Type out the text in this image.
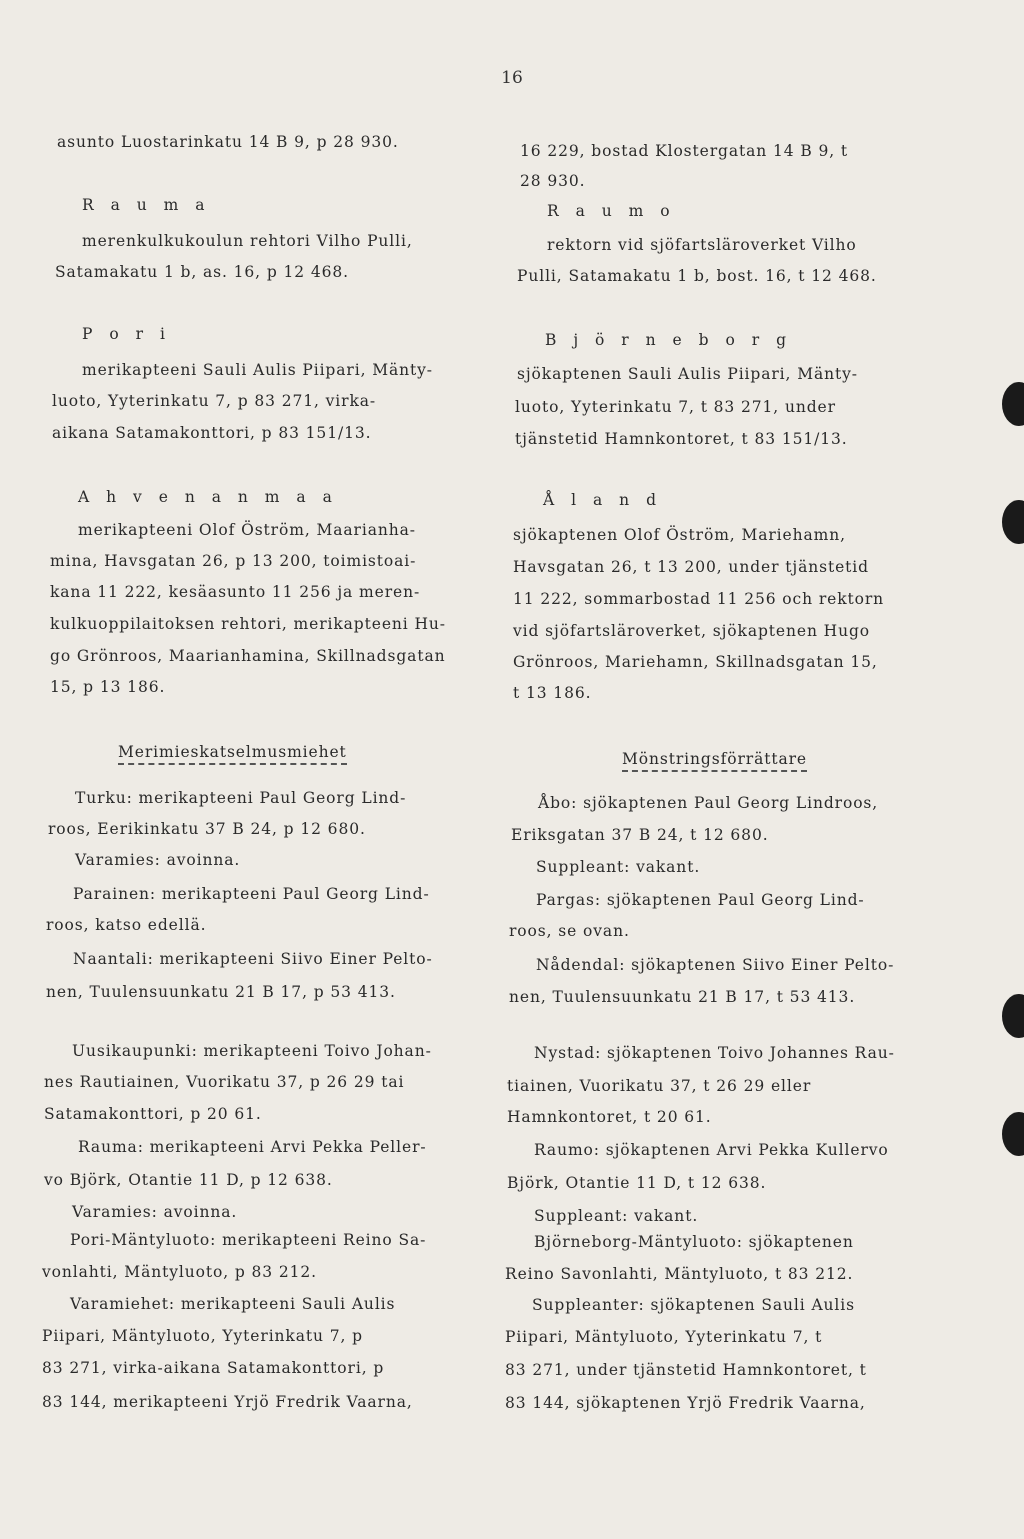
16
asunto Luostarinkatu 14 B 9, p 28 930.
R a u m a
merenkulkukoulun rehtori Vilho Pulli,
Satamakatu 1 b, as. 16, p 12 468.
P o r i
merikapteeni Sauli Aulis Piipari, Mänty-
luoto, Yyterinkatu 7, p 83 271, virka-
aikana Satamakonttori, p 83 151/13.
A h v e n a n m a a
merikapteeni Olof Öström, Maarianha-
mina, Havsgatan 26, p 13 200, toimistoai-
kana 11 222, kesäasunto 11 256 ja meren-
kulkuoppilaitoksen rehtori, merikapteeni Hu-
go Grönroos, Maarianhamina, Skillnadsgatan
15, p 13 186.
Merimieskatselmusmiehet
Turku: merikapteeni Paul Georg Lind-
roos, Eerikinkatu 37 B 24, p 12 680.
Varamies: avoinna.
Parainen: merikapteeni Paul Georg Lind-
roos, katso edellä.
Naantali: merikapteeni Siivo Einer Pelto-
nen, Tuulensuunkatu 21 B 17, p 53 413.
Uusikaupunki: merikapteeni Toivo Johan-
nes Rautiainen, Vuorikatu 37, p 26 29 tai
Satamakonttori, p 20 61.
Rauma: merikapteeni Arvi Pekka Peller-
vo Björk, Otantie 11 D, p 12 638.
Varamies: avoinna.
Pori-Mäntyluoto: merikapteeni Reino Sa-
vonlahti, Mäntyluoto, p 83 212.
Varamiehet: merikapteeni Sauli Aulis
Piipari, Mäntyluoto, Yyterinkatu 7, p
83 271, virka-aikana Satamakonttori, p
83 144, merikapteeni Yrjö Fredrik Vaarna,
16 229, bostad Klostergatan 14 B 9, t
28 930.
R a u m o
rektorn vid sjöfartsläroverket Vilho
Pulli, Satamakatu 1 b, bost. 16, t 12 468.
B j ö r n e b o r g
sjökaptenen Sauli Aulis Piipari, Mänty-
luoto, Yyterinkatu 7, t 83 271, under
tjänstetid Hamnkontoret, t 83 151/13.
Å l a n d
sjökaptenen Olof Öström, Mariehamn,
Havsgatan 26, t 13 200, under tjänstetid
11 222, sommarbostad 11 256 och rektorn
vid sjöfartsläroverket, sjökaptenen Hugo
Grönroos, Mariehamn, Skillnadsgatan 15,
t 13 186.
Mönstringsförrättare
Åbo: sjökaptenen Paul Georg Lindroos,
Eriksgatan 37 B 24, t 12 680.
Suppleant: vakant.
Pargas: sjökaptenen Paul Georg Lind-
roos, se ovan.
Nådendal: sjökaptenen Siivo Einer Pelto-
nen, Tuulensuunkatu 21 B 17, t 53 413.
Nystad: sjökaptenen Toivo Johannes Rau-
tiainen, Vuorikatu 37, t 26 29 eller
Hamnkontoret, t 20 61.
Raumo: sjökaptenen Arvi Pekka Kullervo
Björk, Otantie 11 D, t 12 638.
Suppleant: vakant.
Björneborg-Mäntyluoto: sjökaptenen
Reino Savonlahti, Mäntyluoto, t 83 212.
Suppleanter: sjökaptenen Sauli Aulis
Piipari, Mäntyluoto, Yyterinkatu 7, t
83 271, under tjänstetid Hamnkontoret, t
83 144, sjökaptenen Yrjö Fredrik Vaarna,
